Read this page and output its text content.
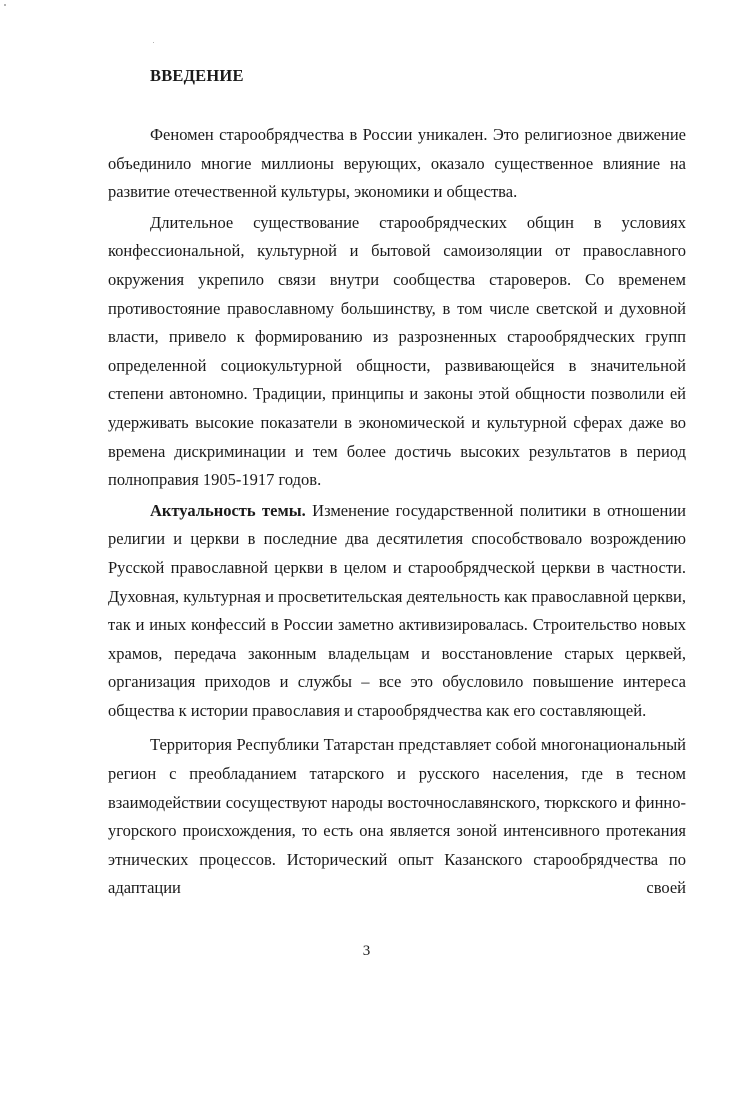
ВВЕДЕНИЕ

Феномен старообрядчества в России уникален. Это религиозное движение объединило многие миллионы верующих, оказало существенное влияние на развитие отечественной культуры, экономики и общества.

Длительное существование старообрядческих общин в условиях конфессиональной, культурной и бытовой самоизоляции от православного окружения укрепило связи внутри сообщества староверов. Со временем противостояние православному большинству, в том числе светской и духовной власти, привело к формированию из разрозненных старообрядческих групп определенной социокультурной общности, развивающейся в значительной степени автономно. Традиции, принципы и законы этой общности позволили ей удерживать высокие показатели в экономической и культурной сферах даже во времена дискриминации и тем более достичь высоких результатов в период полноправия 1905-1917 годов.

Актуальность темы. Изменение государственной политики в отношении религии и церкви в последние два десятилетия способствовало возрождению Русской православной церкви в целом и старообрядческой церкви в частности. Духовная, культурная и просветительская деятельность как православной церкви, так и иных конфессий в России заметно активизировалась. Строительство новых храмов, передача законным владельцам и восстановление старых церквей, организация приходов и службы – все это обусловило повышение интереса общества к истории православия и старообрядчества как его составляющей.

Территория Республики Татарстан представляет собой многонациональный регион с преобладанием татарского и русского населения, где в тесном взаимодействии сосуществуют народы восточнославянского, тюркского и финно-угорского происхождения, то есть она является зоной интенсивного протекания этнических процессов. Исторический опыт Казанского старообрядчества по адаптации своей

3
